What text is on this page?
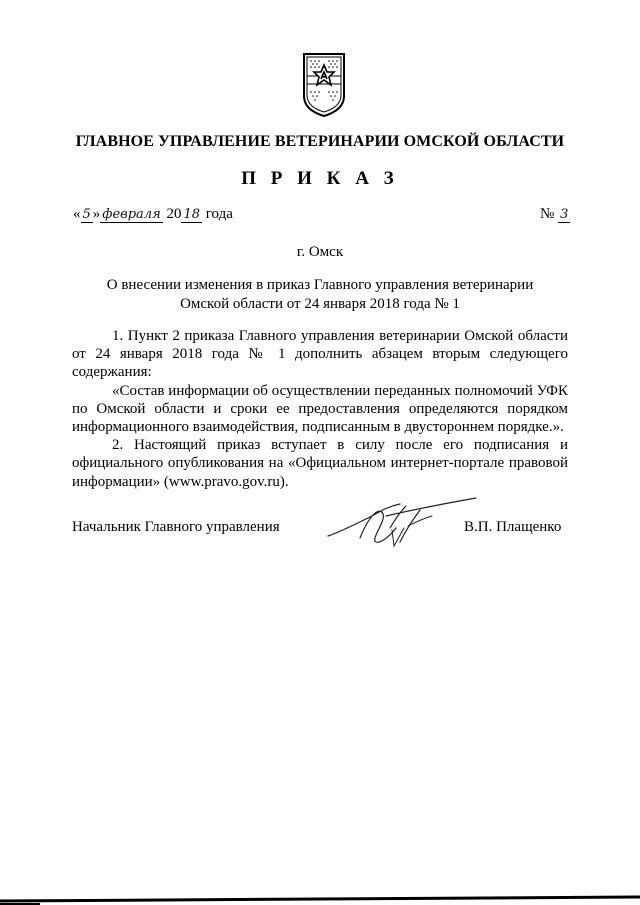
ГЛАВНОЕ УПРАВЛЕНИЕ ВЕТЕРИНАРИИ ОМСКОЙ ОБЛАСТИ
П Р И К А З
« 5 » февраля 20 18 года	№ 3
г. Омск
О внесении изменения в приказ Главного управления ветеринарии
Омской области от 24 января 2018 года № 1

1. Пункт 2 приказа Главного управления ветеринарии Омской области от 24 января 2018 года № 1 дополнить абзацем вторым следующего содержания:

«Состав информации об осуществлении переданных полномочий УФК по Омской области и сроки ее предоставления определяются порядком информационного взаимодействия, подписанным в двустороннем порядке.».

2. Настоящий приказ вступает в силу после его подписания и официального опубликования на «Официальном интернет-портале правовой информации» (www.pravo.gov.ru).

Начальник Главного управления	В.П. Плащенко
